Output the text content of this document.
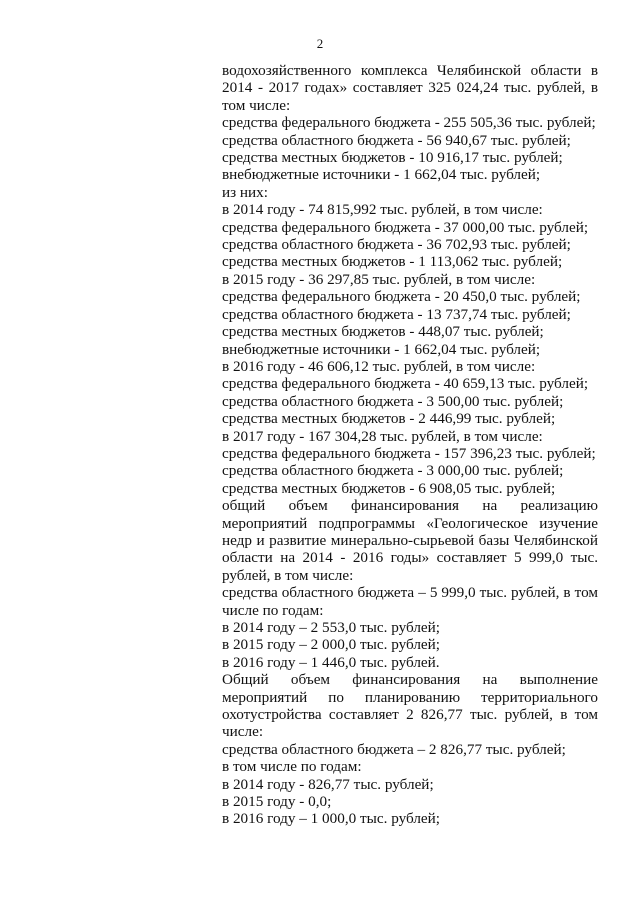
2
водохозяйственного комплекса Челябинской области в
2014 - 2017 годах» составляет 325 024,24 тыс. рублей, в
том числе:
средства федерального бюджета - 255 505,36 тыс. рублей;
средства областного бюджета - 56 940,67 тыс. рублей;
средства местных бюджетов - 10 916,17 тыс. рублей;
внебюджетные источники - 1 662,04 тыс. рублей;
из них:
в 2014 году - 74 815,992 тыс. рублей, в том числе:
средства федерального бюджета - 37 000,00 тыс. рублей;
средства областного бюджета - 36 702,93 тыс. рублей;
средства местных бюджетов - 1 113,062 тыс. рублей;
в 2015 году - 36 297,85 тыс. рублей, в том числе:
средства федерального бюджета - 20 450,0 тыс. рублей;
средства областного бюджета - 13 737,74 тыс. рублей;
средства местных бюджетов - 448,07 тыс. рублей;
внебюджетные источники - 1 662,04 тыс. рублей;
в 2016 году - 46 606,12 тыс. рублей, в том числе:
средства федерального бюджета - 40 659,13 тыс. рублей;
средства областного бюджета - 3 500,00 тыс. рублей;
средства местных бюджетов - 2 446,99 тыс. рублей;
в 2017 году - 167 304,28 тыс. рублей, в том числе:
средства федерального бюджета - 157 396,23 тыс. рублей;
средства областного бюджета - 3 000,00 тыс. рублей;
средства местных бюджетов - 6 908,05 тыс. рублей;
общий объем финансирования на реализацию
мероприятий подпрограммы «Геологическое изучение
недр и развитие минерально-сырьевой базы Челябинской
области на 2014 - 2016 годы» составляет 5 999,0 тыс.
рублей, в том числе:
средства областного бюджета – 5 999,0 тыс. рублей, в том
числе по годам:
в 2014 году – 2 553,0 тыс. рублей;
в 2015 году – 2 000,0 тыс. рублей;
в 2016 году – 1 446,0 тыс. рублей.
Общий объем финансирования на выполнение
мероприятий по планированию территориального
охотустройства составляет 2 826,77 тыс. рублей, в том
числе:
средства областного бюджета – 2 826,77 тыс. рублей;
в том числе по годам:
в 2014 году - 826,77 тыс. рублей;
в 2015 году - 0,0;
в 2016 году – 1 000,0 тыс. рублей;
